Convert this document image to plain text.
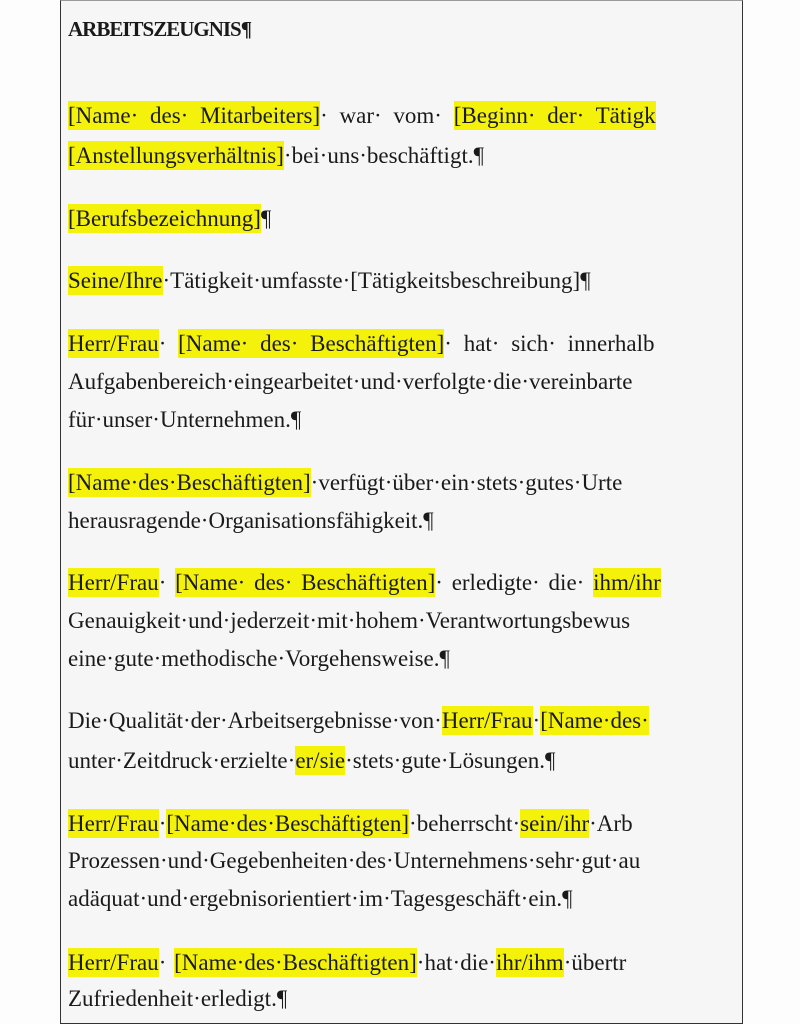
ARBEITSZEUGNIS¶
[Name· des· Mitarbeiters]· war· vom· [Beginn· der· Tätigk
[Anstellungsverhältnis]·bei·uns·beschäftigt.¶
[Berufsbezeichnung]¶
Seine/Ihre·Tätigkeit·umfasste·[Tätigkeitsbeschreibung]¶
Herr/Frau· [Name· des· Beschäftigten]· hat· sich· innerhalb
Aufgabenbereich·eingearbeitet·und·verfolgte·die·vereinbarte
für·unser·Unternehmen.¶
[Name·des·Beschäftigten]·verfügt·über·ein·stets·gutes·Urte
herausragende·Organisationsfähigkeit.¶
Herr/Frau· [Name· des· Beschäftigten]· erledigte· die· ihm/ihr
Genauigkeit·und·jederzeit·mit·hohem·Verantwortungsbewus
eine·gute·methodische·Vorgehensweise.¶
Die·Qualität·der·Arbeitsergebnisse·von·Herr/Frau·[Name·des·
unter·Zeitdruck·erzielte·er/sie·stets·gute·Lösungen.¶
Herr/Frau·[Name·des·Beschäftigten]·beherrscht·sein/ihr·Arb
Prozessen·und·Gegebenheiten·des·Unternehmens·sehr·gut·au
adäquat·und·ergebnisorientiert·im·Tagesgeschäft·ein.¶
Herr/Frau· [Name·des·Beschäftigten]·hat·die·ihr/ihm·übertr
Zufriedenheit·erledigt.¶
